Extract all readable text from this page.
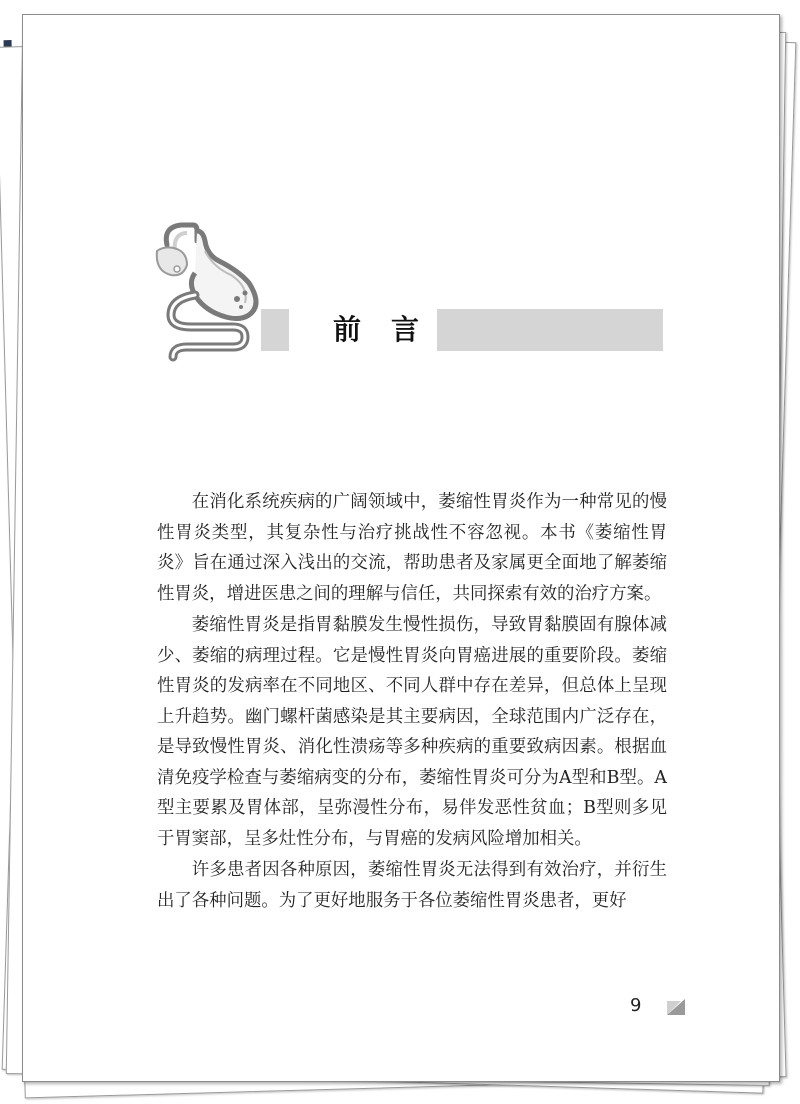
前言

在消化系统疾病的广阔领域中，萎缩性胃炎作为一种常见的慢性胃炎类型，其复杂性与治疗挑战性不容忽视。本书《萎缩性胃炎》旨在通过深入浅出的交流，帮助患者及家属更全面地了解萎缩性胃炎，增进医患之间的理解与信任，共同探索有效的治疗方案。

萎缩性胃炎是指胃黏膜发生慢性损伤，导致胃黏膜固有腺体减少、萎缩的病理过程。它是慢性胃炎向胃癌进展的重要阶段。萎缩性胃炎的发病率在不同地区、不同人群中存在差异，但总体上呈现上升趋势。幽门螺杆菌感染是其主要病因，全球范围内广泛存在，是导致慢性胃炎、消化性溃疡等多种疾病的重要致病因素。根据血清免疫学检查与萎缩病变的分布，萎缩性胃炎可分为A型和B型。A型主要累及胃体部，呈弥漫性分布，易伴发恶性贫血；B型则多见于胃窦部，呈多灶性分布，与胃癌的发病风险增加相关。

许多患者因各种原因，萎缩性胃炎无法得到有效治疗，并衍生出了各种问题。为了更好地服务于各位萎缩性胃炎患者，更好

9
